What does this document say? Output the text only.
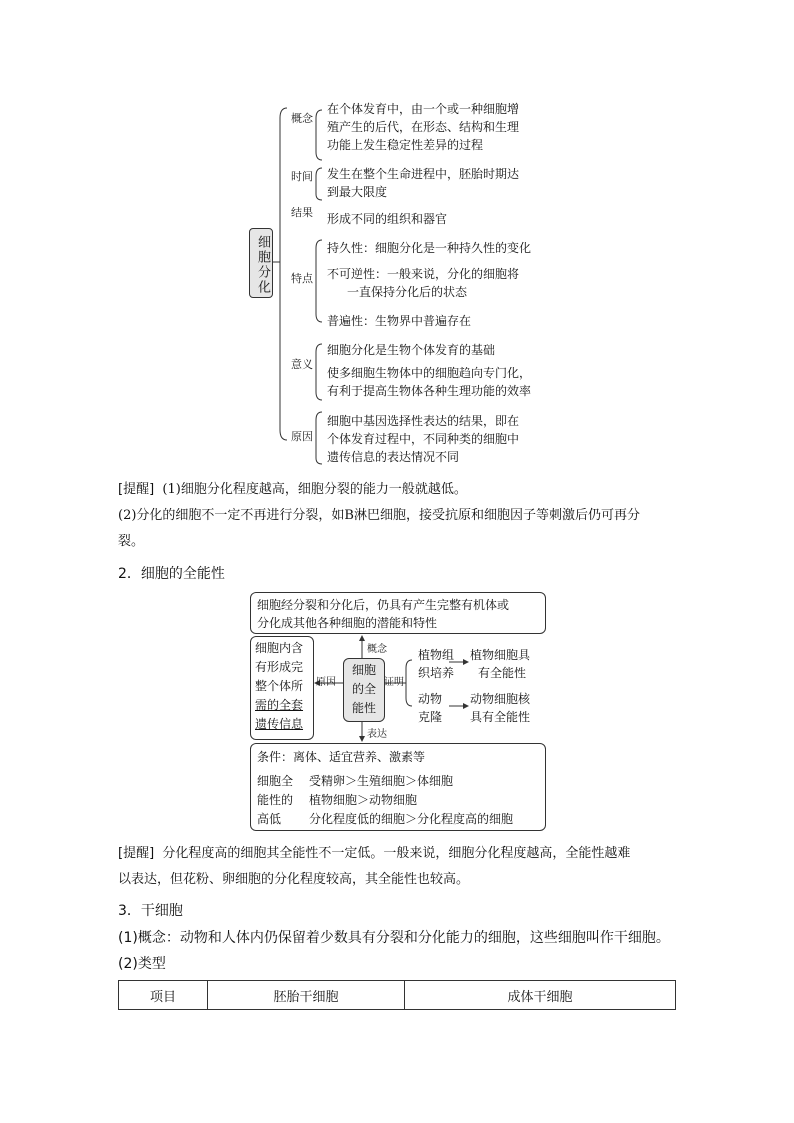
细胞分化
概念
在个体发育中，由一个或一种细胞增
殖产生的后代，在形态、结构和生理
功能上发生稳定性差异的过程
时间 发生在整个生命进程中，胚胎时期达
到最大限度
结果 形成不同的组织和器官
特点
持久性：细胞分化是一种持久性的变化
不可逆性：一般来说，分化的细胞将
一直保持分化后的状态
普遍性：生物界中普遍存在
意义
细胞分化是生物个体发育的基础
使多细胞生物体中的细胞趋向专门化，
有利于提高生物体各种生理功能的效率
原因
细胞中基因选择性表达的结果，即在
个体发育过程中，不同种类的细胞中
遗传信息的表达情况不同
[提醒] (1)细胞分化程度越高，细胞分裂的能力一般就越低。
(2)分化的细胞不一定不再进行分裂，如B淋巴细胞，接受抗原和细胞因子等刺激后仍可再分
裂。
2．细胞的全能性
细胞经分裂和分化后，仍具有产生完整有机体或
分化成其他各种细胞的潜能和特性
细胞内含
有形成完
整个体所
需的全套
遗传信息
细胞
的全
能性
概念
原因	证明
表达
植物组
织培养
植物细胞具
有全能性
动物
克隆
动物细胞核
具有全能性
条件：离体、适宜营养、激素等
细胞全
能性的
高低
受精卵＞生殖细胞＞体细胞
植物细胞＞动物细胞
分化程度低的细胞＞分化程度高的细胞
[提醒] 分化程度高的细胞其全能性不一定低。一般来说，细胞分化程度越高，全能性越难
以表达，但花粉、卵细胞的分化程度较高，其全能性也较高。
3．干细胞
(1)概念：动物和人体内仍保留着少数具有分裂和分化能力的细胞，这些细胞叫作干细胞。
(2)类型
项目	胚胎干细胞	成体干细胞
